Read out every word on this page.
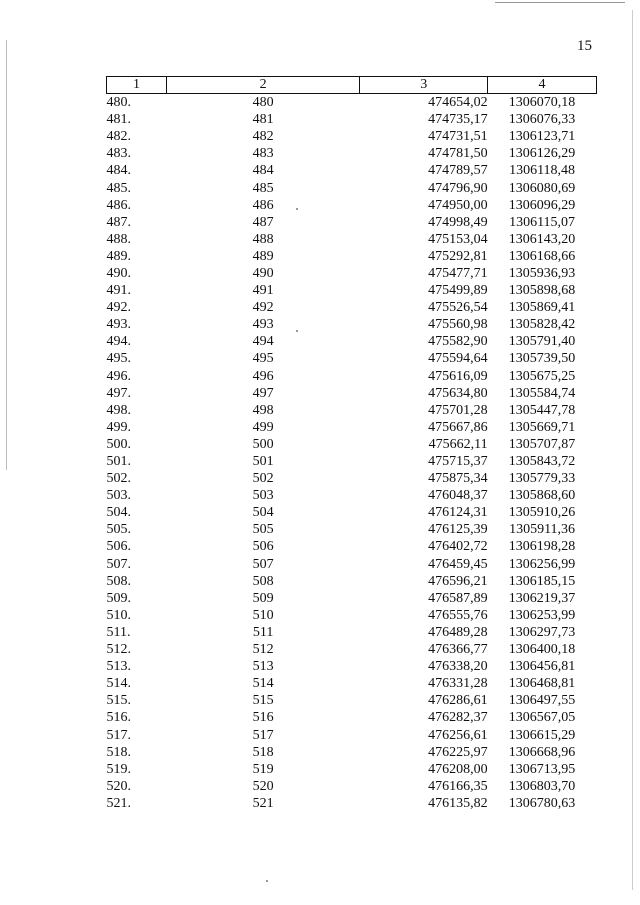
15
1	2	3	4
480.	480	474654,02	1306070,18
481.	481	474735,17	1306076,33
482.	482	474731,51	1306123,71
483.	483	474781,50	1306126,29
484.	484	474789,57	1306118,48
485.	485	474796,90	1306080,69
486.	486	474950,00	1306096,29
487.	487	474998,49	1306115,07
488.	488	475153,04	1306143,20
489.	489	475292,81	1306168,66
490.	490	475477,71	1305936,93
491.	491	475499,89	1305898,68
492.	492	475526,54	1305869,41
493.	493	475560,98	1305828,42
494.	494	475582,90	1305791,40
495.	495	475594,64	1305739,50
496.	496	475616,09	1305675,25
497.	497	475634,80	1305584,74
498.	498	475701,28	1305447,78
499.	499	475667,86	1305669,71
500.	500	475662,11	1305707,87
501.	501	475715,37	1305843,72
502.	502	475875,34	1305779,33
503.	503	476048,37	1305868,60
504.	504	476124,31	1305910,26
505.	505	476125,39	1305911,36
506.	506	476402,72	1306198,28
507.	507	476459,45	1306256,99
508.	508	476596,21	1306185,15
509.	509	476587,89	1306219,37
510.	510	476555,76	1306253,99
511.	511	476489,28	1306297,73
512.	512	476366,77	1306400,18
513.	513	476338,20	1306456,81
514.	514	476331,28	1306468,81
515.	515	476286,61	1306497,55
516.	516	476282,37	1306567,05
517.	517	476256,61	1306615,29
518.	518	476225,97	1306668,96
519.	519	476208,00	1306713,95
520.	520	476166,35	1306803,70
521.	521	476135,82	1306780,63
